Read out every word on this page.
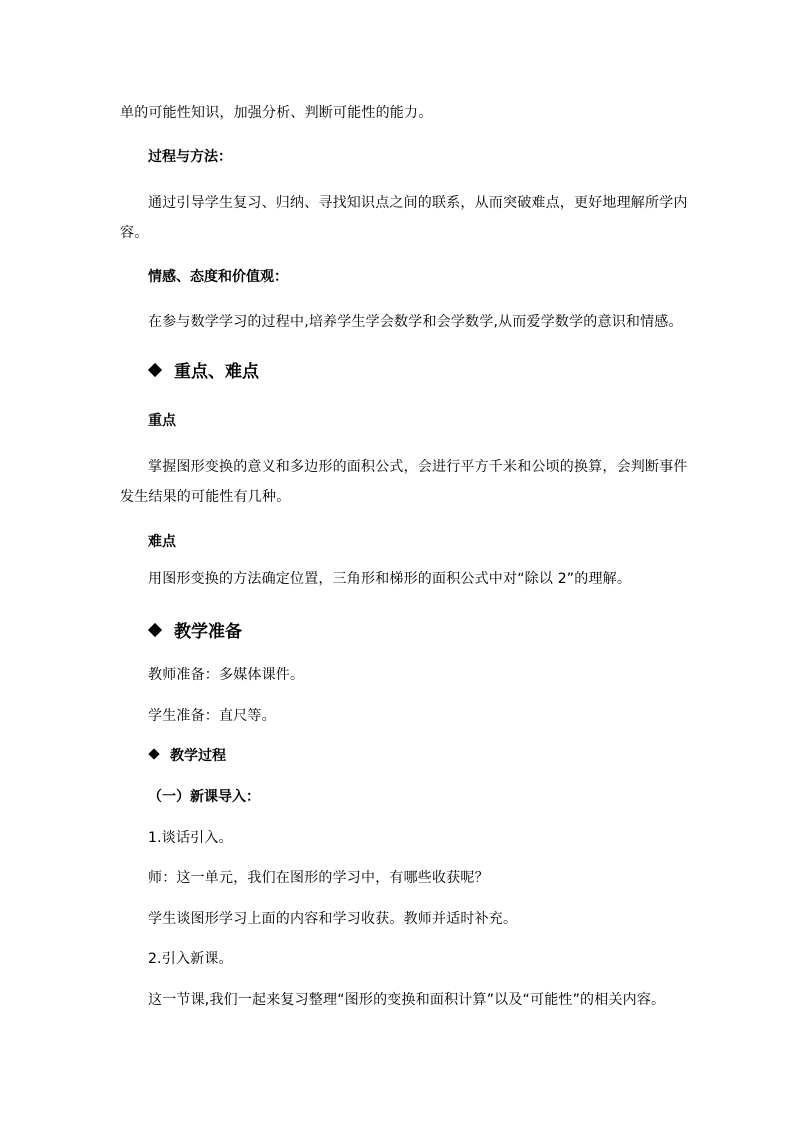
单的可能性知识，加强分析、判断可能性的能力。
过程与方法：
通过引导学生复习、归纳、寻找知识点之间的联系，从而突破难点，更好地理解所学内
容。
情感、态度和价值观：
在参与数学学习的过程中,培养学生学会数学和会学数学,从而爱学数学的意识和情感。
重点、难点
重点
掌握图形变换的意义和多边形的面积公式，会进行平方千米和公顷的换算，会判断事件
发生结果的可能性有几种。
难点
用图形变换的方法确定位置，三角形和梯形的面积公式中对“除以 2”的理解。
教学准备
教师准备：多媒体课件。
学生准备：直尺等。
教学过程
（一）新课导入：
1.谈话引入。
师：这一单元，我们在图形的学习中，有哪些收获呢？
学生谈图形学习上面的内容和学习收获。教师并适时补充。
2.引入新课。
这一节课,我们一起来复习整理“图形的变换和面积计算”以及“可能性”的相关内容。
